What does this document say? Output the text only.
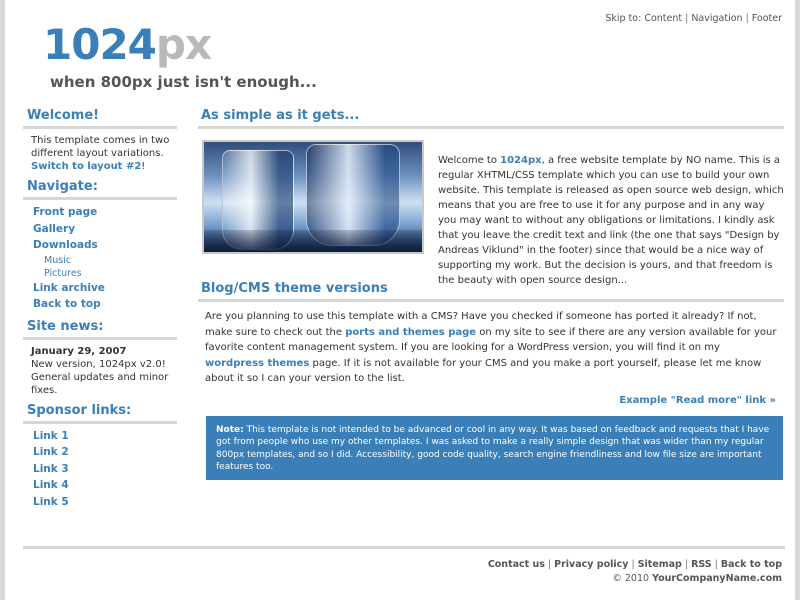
Skip to: Content | Navigation | Footer
1024px
when 800px just isn't enough...
Welcome!
This template comes in two different layout variations. Switch to layout #2!
Navigate:
Front page
Gallery
Downloads
Music
Pictures
Link archive
Back to top
Site news:
January 29, 2007
New version, 1024px v2.0! General updates and minor fixes.
Sponsor links:
Link 1
Link 2
Link 3
Link 4
Link 5
As simple as it gets...
Welcome to 1024px, a free website template by NO name. This is a regular XHTML/CSS template which you can use to build your own website. This template is released as open source web design, which means that you are free to use it for any purpose and in any way you may want to without any obligations or limitations. I kindly ask that you leave the credit text and link (the one that says "Design by Andreas Viklund" in the footer) since that would be a nice way of supporting my work. But the decision is yours, and that freedom is the beauty with open source design...
Blog/CMS theme versions
Are you planning to use this template with a CMS? Have you checked if someone has ported it already? If not, make sure to check out the ports and themes page on my site to see if there are any version available for your favorite content management system. If you are looking for a WordPress version, you will find it on my wordpress themes page. If it is not available for your CMS and you make a port yourself, please let me know about it so I can your version to the list.
Example "Read more" link »
Note: This template is not intended to be advanced or cool in any way. It was based on feedback and requests that I have got from people who use my other templates. I was asked to make a really simple design that was wider than my regular 800px templates, and so I did. Accessibility, good code quality, search engine friendliness and low file size are important features too.
Contact us | Privacy policy | Sitemap | RSS | Back to top
© 2010 YourCompanyName.com
